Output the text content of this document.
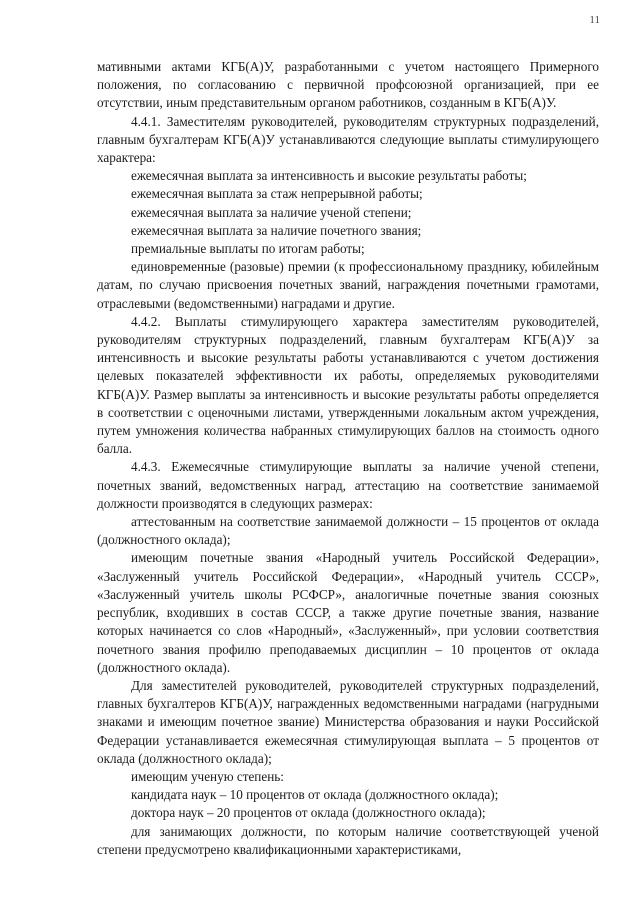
11

мативными актами КГБ(А)У, разработанными с учетом настоящего Примерного положения, по согласованию с первичной профсоюзной организацией, при ее отсутствии, иным представительным органом работников, созданным в КГБ(А)У.

4.4.1. Заместителям руководителей, руководителям структурных подразделений, главным бухгалтерам КГБ(А)У устанавливаются следующие выплаты стимулирующего характера:

ежемесячная выплата за интенсивность и высокие результаты работы;

ежемесячная выплата за стаж непрерывной работы;

ежемесячная выплата за наличие ученой степени;

ежемесячная выплата за наличие почетного звания;

премиальные выплаты по итогам работы;

единовременные (разовые) премии (к профессиональному празднику, юбилейным датам, по случаю присвоения почетных званий, награждения почетными грамотами, отраслевыми (ведомственными) наградами и другие.

4.4.2. Выплаты стимулирующего характера заместителям руководителей, руководителям структурных подразделений, главным бухгалтерам КГБ(А)У за интенсивность и высокие результаты работы устанавливаются с учетом достижения целевых показателей эффективности их работы, определяемых руководителями КГБ(А)У. Размер выплаты за интенсивность и высокие результаты работы определяется в соответствии с оценочными листами, утвержденными локальным актом учреждения, путем умножения количества набранных стимулирующих баллов на стоимость одного балла.

4.4.3. Ежемесячные стимулирующие выплаты за наличие ученой степени, почетных званий, ведомственных наград, аттестацию на соответствие занимаемой должности производятся в следующих размерах:

аттестованным на соответствие занимаемой должности – 15 процентов от оклада (должностного оклада);

имеющим почетные звания «Народный учитель Российской Федерации», «Заслуженный учитель Российской Федерации», «Народный учитель СССР», «Заслуженный учитель школы РСФСР», аналогичные почетные звания союзных республик, входивших в состав СССР, а также другие почетные звания, название которых начинается со слов «Народный», «Заслуженный», при условии соответствия почетного звания профилю преподаваемых дисциплин – 10 процентов от оклада (должностного оклада).

Для заместителей руководителей, руководителей структурных подразделений, главных бухгалтеров КГБ(А)У, награжденных ведомственными наградами (нагрудными знаками и имеющим почетное звание) Министерства образования и науки Российской Федерации устанавливается ежемесячная стимулирующая выплата – 5 процентов от оклада (должностного оклада);

имеющим ученую степень:

кандидата наук – 10 процентов от оклада (должностного оклада);

доктора наук – 20 процентов от оклада (должностного оклада);

для занимающих должности, по которым наличие соответствующей ученой степени предусмотрено квалификационными характеристиками,
